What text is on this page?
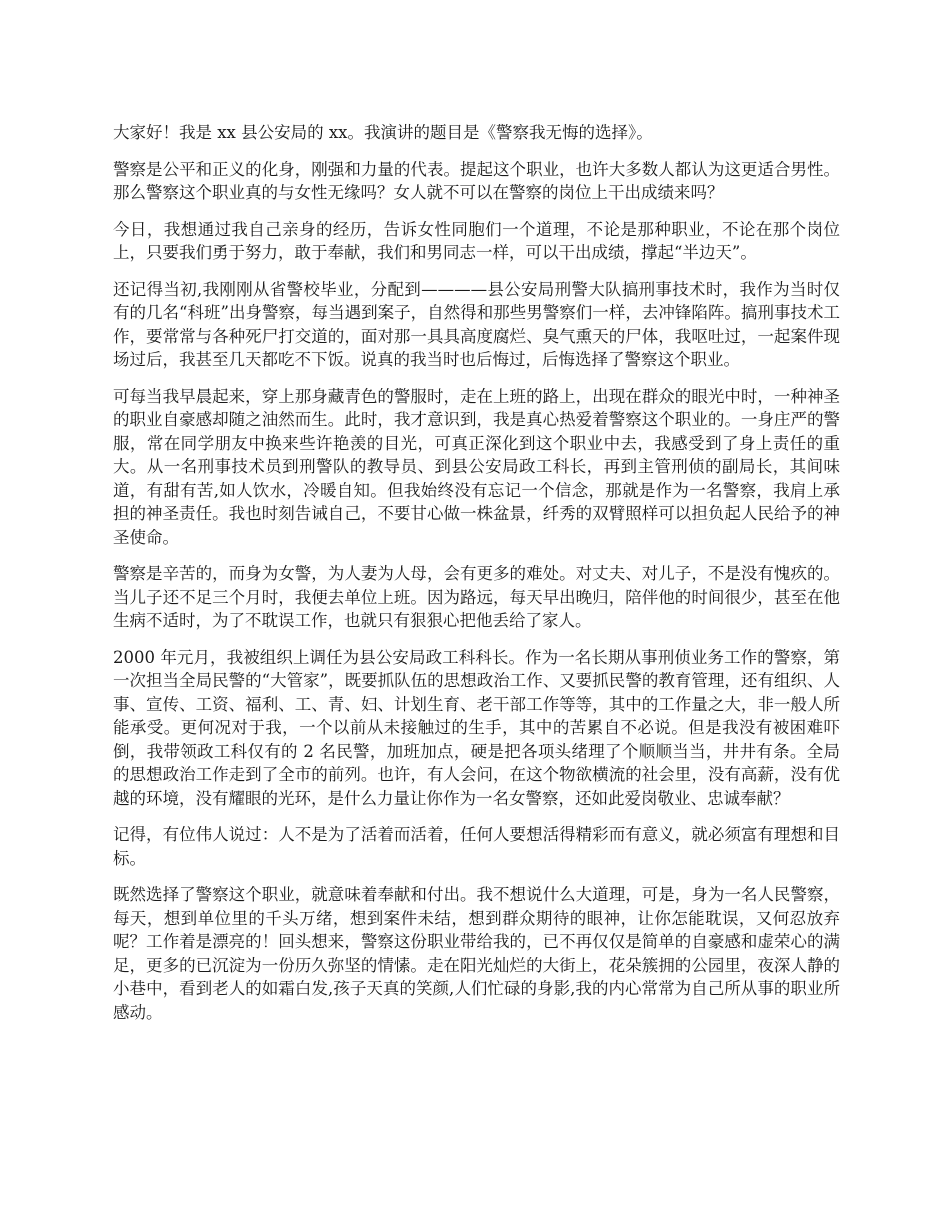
大家好！我是 xx 县公安局的 xx。我演讲的题目是《警察我无悔的选择》。

警察是公平和正义的化身，刚强和力量的代表。提起这个职业，也许大多数人都认为这更适合男性。那么警察这个职业真的与女性无缘吗？女人就不可以在警察的岗位上干出成绩来吗？

今日，我想通过我自己亲身的经历，告诉女性同胞们一个道理，不论是那种职业，不论在那个岗位上，只要我们勇于努力，敢于奉献，我们和男同志一样，可以干出成绩，撑起“半边天”。

还记得当初,我刚刚从省警校毕业，分配到————县公安局刑警大队搞刑事技术时，我作为当时仅有的几名“科班”出身警察，每当遇到案子，自然得和那些男警察们一样，去冲锋陷阵。搞刑事技术工作，要常常与各种死尸打交道的，面对那一具具高度腐烂、臭气熏天的尸体，我呕吐过，一起案件现场过后，我甚至几天都吃不下饭。说真的我当时也后悔过，后悔选择了警察这个职业。

可每当我早晨起来，穿上那身藏青色的警服时，走在上班的路上，出现在群众的眼光中时，一种神圣的职业自豪感却随之油然而生。此时，我才意识到，我是真心热爱着警察这个职业的。一身庄严的警服，常在同学朋友中换来些许艳羡的目光，可真正深化到这个职业中去，我感受到了身上责任的重大。从一名刑事技术员到刑警队的教导员、到县公安局政工科长，再到主管刑侦的副局长，其间味道，有甜有苦,如人饮水，冷暖自知。但我始终没有忘记一个信念，那就是作为一名警察，我肩上承担的神圣责任。我也时刻告诫自己，不要甘心做一株盆景，纤秀的双臂照样可以担负起人民给予的神圣使命。

警察是辛苦的，而身为女警，为人妻为人母，会有更多的难处。对丈夫、对儿子，不是没有愧疚的。当儿子还不足三个月时，我便去单位上班。因为路远，每天早出晚归，陪伴他的时间很少，甚至在他生病不适时，为了不耽误工作，也就只有狠狠心把他丢给了家人。

2000 年元月，我被组织上调任为县公安局政工科科长。作为一名长期从事刑侦业务工作的警察，第一次担当全局民警的“大管家”，既要抓队伍的思想政治工作、又要抓民警的教育管理，还有组织、人事、宣传、工资、福利、工、青、妇、计划生育、老干部工作等等，其中的工作量之大，非一般人所能承受。更何况对于我，一个以前从未接触过的生手，其中的苦累自不必说。但是我没有被困难吓倒，我带领政工科仅有的 2 名民警，加班加点，硬是把各项头绪理了个顺顺当当，井井有条。全局的思想政治工作走到了全市的前列。也许，有人会问，在这个物欲横流的社会里，没有高薪，没有优越的环境，没有耀眼的光环，是什么力量让你作为一名女警察，还如此爱岗敬业、忠诚奉献？

记得，有位伟人说过：人不是为了活着而活着，任何人要想活得精彩而有意义，就必须富有理想和目标。

既然选择了警察这个职业，就意味着奉献和付出。我不想说什么大道理，可是，身为一名人民警察，每天，想到单位里的千头万绪，想到案件未结，想到群众期待的眼神，让你怎能耽误，又何忍放弃呢？工作着是漂亮的！回头想来，警察这份职业带给我的，已不再仅仅是简单的自豪感和虚荣心的满足，更多的已沉淀为一份历久弥坚的情愫。走在阳光灿烂的大街上，花朵簇拥的公园里，夜深人静的小巷中，看到老人的如霜白发,孩子天真的笑颜,人们忙碌的身影,我的内心常常为自己所从事的职业所感动。
